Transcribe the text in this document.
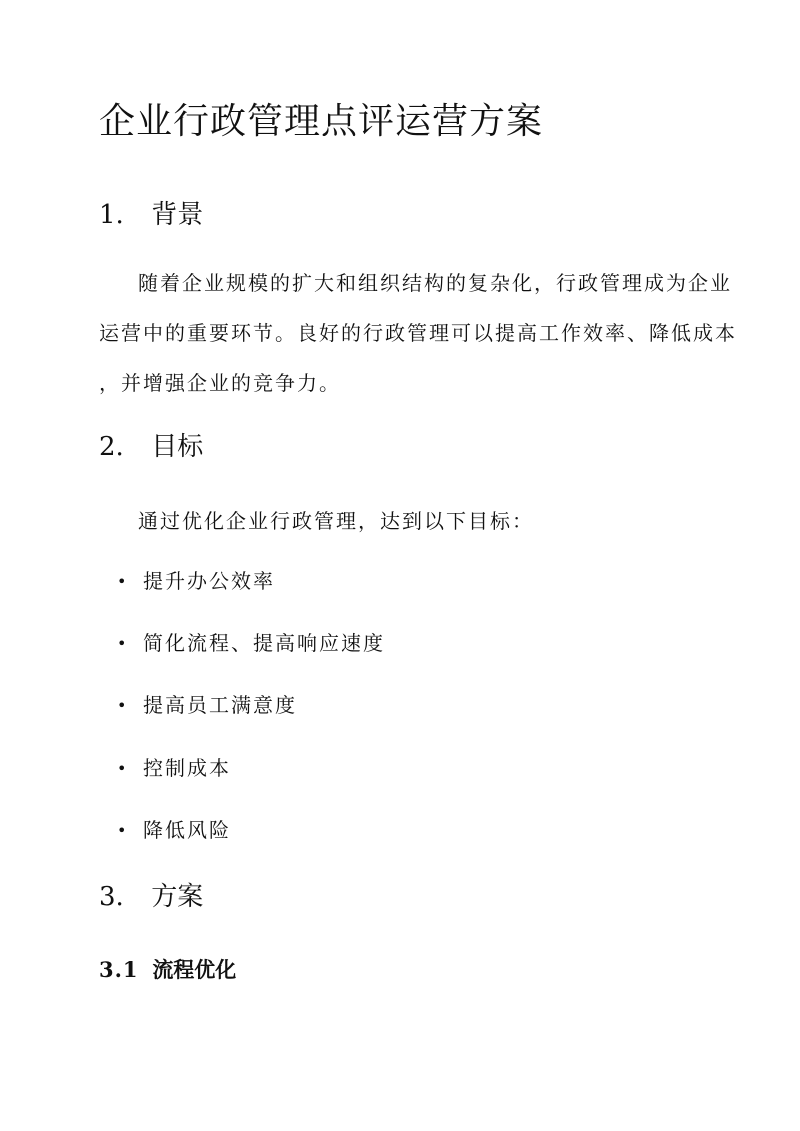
企业行政管理点评运营方案
1. 背景
随着企业规模的扩大和组织结构的复杂化，行政管理成为企业
运营中的重要环节。良好的行政管理可以提高工作效率、降低成本
，并增强企业的竞争力。
2. 目标
通过优化企业行政管理，达到以下目标：
• 提升办公效率
• 简化流程、提高响应速度
• 提高员工满意度
• 控制成本
• 降低风险
3. 方案
3.1 流程优化
